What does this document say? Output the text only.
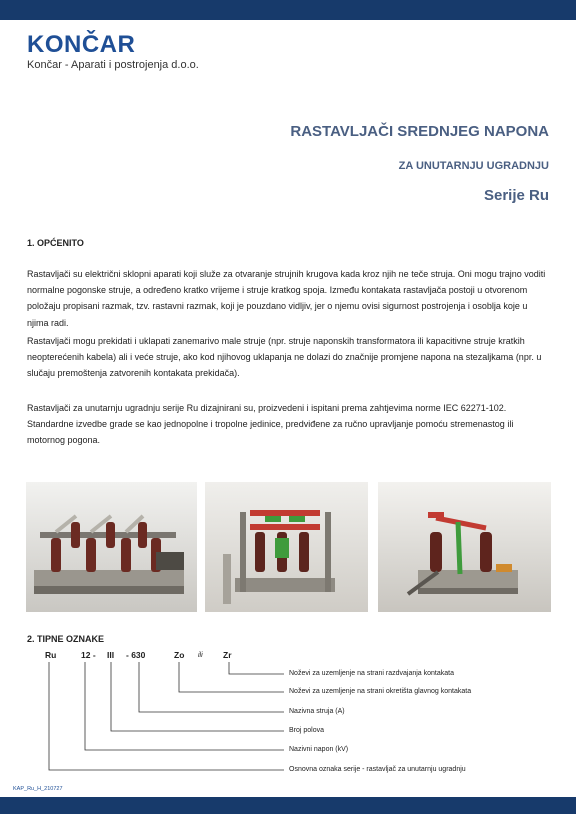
KONČAR
Končar - Aparati i postrojenja d.o.o.
RASTAVLJAČI SREDNJEG NAPONA
ZA UNUTARNJU UGRADNJU
Serije Ru
1. OPĆENITO
Rastavljači su električni sklopni aparati koji služe za otvaranje strujnih krugova kada kroz njih ne teče struja. Oni mogu trajno voditi normalne pogonske struje, a određeno kratko vrijeme i struje kratkog spoja. Između kontakata rastavljača postoji u otvorenom položaju propisani razmak, tzv. rastavni razmak, koji je pouzdano vidljiv, jer o njemu ovisi sigurnost postrojenja i osoblja koje u njima radi.
Rastavljači mogu prekidati i uklapati zanemarivo male struje (npr. struje naponskih transformatora ili kapacitivne struje kratkih neopterećenih kabela) ali i veće struje, ako kod njihovog uklapanja ne dolazi do značnije promjene napona na stezaljkama (npr. u slučaju premoštenja zatvorenih kontakata prekidača).
Rastavljači za unutarnju ugradnju serije Ru dizajnirani su, proizvedeni i ispitani prema zahtjevima norme IEC 62271-102. Standardne izvedbe grade se kao jednopolne i tropolne jedinice, predviđene za ručno upravljanje pomoću stremenastog ili motornog pogona.
2. TIPNE OZNAKE
Ru	12 - III - 630	Zo ili Zr
Noževi za uzemljenje na strani razdvajanja kontakata
Noževi za uzemljenje na strani okretišta glavnog kontakata
Nazivna struja (A)
Broj polova
Nazivni napon (kV)
Osnovna oznaka serije - rastavljač za unutarnju ugradnju
KAP_Ru_H_210727
